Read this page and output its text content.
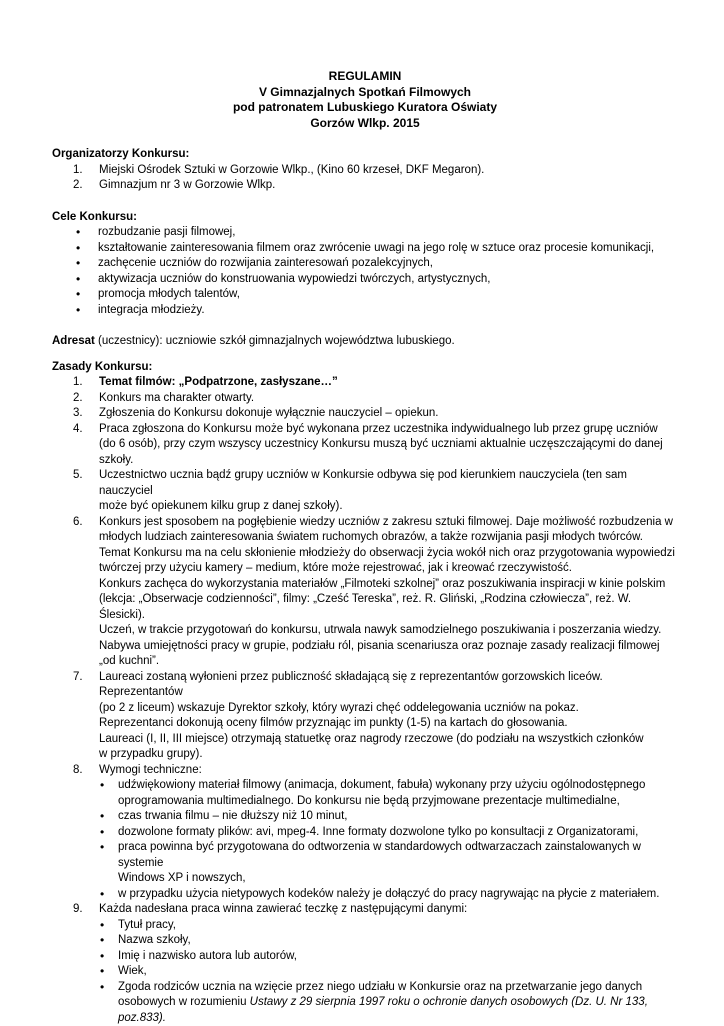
REGULAMIN
V Gimnazjalnych Spotkań Filmowych
pod patronatem Lubuskiego Kuratora Oświaty
Gorzów Wlkp. 2015
Organizatorzy Konkursu:
1. Miejski Ośrodek Sztuki w Gorzowie Wlkp., (Kino 60 krzeseł, DKF Megaron).
2. Gimnazjum nr 3 w Gorzowie Wlkp.
Cele Konkursu:
• rozbudzanie pasji filmowej,
• kształtowanie zainteresowania filmem oraz zwrócenie uwagi na jego rolę w sztuce oraz procesie komunikacji,
• zachęcenie uczniów do rozwijania zainteresowań pozalekcyjnych,
• aktywizacja uczniów do konstruowania wypowiedzi twórczych, artystycznych,
• promocja młodych talentów,
• integracja młodzieży.
Adresat (uczestnicy): uczniowie szkół gimnazjalnych województwa lubuskiego.
Zasady Konkursu:
1. Temat filmów: „Podpatrzone, zasłyszane…”
2. Konkurs ma charakter otwarty.
3. Zgłoszenia do Konkursu dokonuje wyłącznie nauczyciel – opiekun.
4. Praca zgłoszona do Konkursu może być wykonana przez uczestnika indywidualnego lub przez grupę uczniów
(do 6 osób), przy czym wszyscy uczestnicy Konkursu muszą być uczniami aktualnie uczęszczającymi do danej szkoły.
5. Uczestnictwo ucznia bądź grupy uczniów w Konkursie odbywa się pod kierunkiem nauczyciela (ten sam nauczyciel
może być opiekunem kilku grup z danej szkoły).
6. Konkurs jest sposobem na pogłębienie wiedzy uczniów z zakresu sztuki filmowej. Daje możliwość rozbudzenia w
młodych ludziach zainteresowania światem ruchomych obrazów, a także rozwijania pasji młodych twórców.
Temat Konkursu ma na celu skłonienie młodzieży do obserwacji życia wokół nich oraz przygotowania wypowiedzi
twórczej przy użyciu kamery – medium, które może rejestrować, jak i kreować rzeczywistość.
Konkurs zachęca do wykorzystania materiałów „Filmoteki szkolnej” oraz poszukiwania inspiracji w kinie polskim
(lekcja: „Obserwacje codzienności”, filmy: „Cześć Tereska”, reż. R. Gliński, „Rodzina człowiecza”, reż. W. Ślesicki).
Uczeń, w trakcie przygotowań do konkursu, utrwala nawyk samodzielnego poszukiwania i poszerzania wiedzy.
Nabywa umiejętności pracy w grupie, podziału ról, pisania scenariusza oraz poznaje zasady realizacji filmowej
„od kuchni”.
7. Laureaci zostaną wyłonieni przez publiczność składającą się z reprezentantów gorzowskich liceów. Reprezentantów
(po 2 z liceum) wskazuje Dyrektor szkoły, który wyrazi chęć oddelegowania uczniów na pokaz.
Reprezentanci dokonują oceny filmów przyznając im punkty (1-5) na kartach do głosowania.
Laureaci (I, II, III miejsce) otrzymają statuetkę oraz nagrody rzeczowe (do podziału na wszystkich członków
w przypadku grupy).
8. Wymogi techniczne:
• udźwiękowiony materiał filmowy (animacja, dokument, fabuła) wykonany przy użyciu ogólnodostępnego
oprogramowania multimedialnego. Do konkursu nie będą przyjmowane prezentacje multimedialne,
• czas trwania filmu – nie dłuższy niż 10 minut,
• dozwolone formaty plików: avi, mpeg-4. Inne formaty dozwolone tylko po konsultacji z Organizatorami,
• praca powinna być przygotowana do odtworzenia w standardowych odtwarzaczach zainstalowanych w systemie
Windows XP i nowszych,
• w przypadku użycia nietypowych kodeków należy je dołączyć do pracy nagrywając na płycie z materiałem.
9. Każda nadesłana praca winna zawierać teczkę z następującymi danymi:
• Tytuł pracy,
• Nazwa szkoły,
• Imię i nazwisko autora lub autorów,
• Wiek,
• Zgoda rodziców ucznia na wzięcie przez niego udziału w Konkursie oraz na przetwarzanie jego danych
osobowych w rozumieniu Ustawy z 29 sierpnia 1997 roku o ochronie danych osobowych (Dz. U. Nr 133, poz.833).
